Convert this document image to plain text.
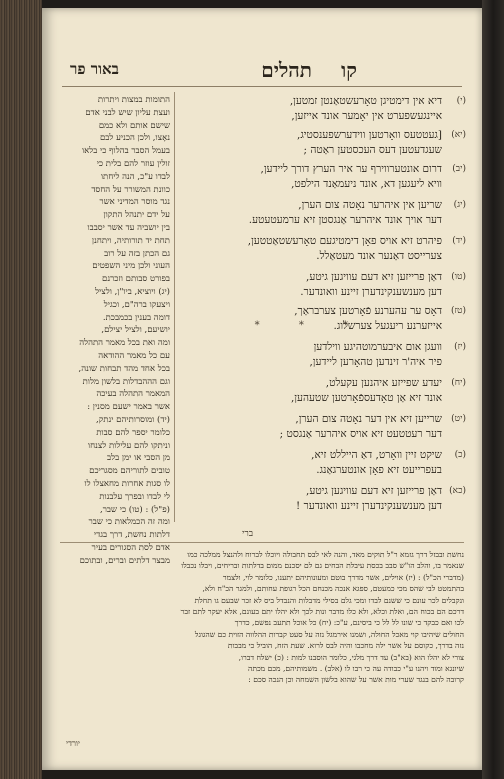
תהלים קו
באור פר
(י)
דיא אין דימטיגן טאָרעשטאַנטן זמטען,
איינגעשפערט אין יאָמער אונד אייזען,
(יא)
[געטטעס וואָרטען ווידערשפענסטיג,
שעגדעטען דעס העכסטען ראַטה ;
(יב)
דרום אונטערווירף ער איר הערץ דורך ליידען,
וויא ליעגען דא, אונד ניעמאַנד הילפט,
(יג)
שריען אין איהרער נאָטה צום הערן,
דער אויך אונד איהרער אַנגסטן זיא ערמעטעטע.
(יד)
פיהרט זיא אויס פאָן דימטיגעם טאָרעשטאַטטען,
צערייסט דאַנער אונד מעטאַלל.
(טו)
דאַן פרייזען זיא דעם עוויגען גיטע,
דען מענשענקינדערן זיינע וואונדער.
(טז)
דאָס ער עהערנע פֿאָרטען צערבראַך,
אייזערנע ריעגעל צערשלוג.
(יז)
וועגן אום איבערמוטהיגע ווילדען
פיר איה'ר זינדען טהאָרען ליידען,
(יח)
יעדע שפייזע איהנען עקעלט,
אונד זיא אַן טאָדעספֿאָרטען שטעהען,
(יט)
שרייען זיא אין דער נאָטה צום הערן,
דער רעטטעט זיא אויס איהרער אַנגסט ;
(כ)
שיקט זיין וואָרט, דאַ הייללט זיא,
בעפרייעט זיא פאָן אונטערגאַנג.
(כא)
דאַן פרייזען זיא דעם עוויגען גיטע,
דען מענשענקינדערן זיינע וואונדער !
* * *
התומות במצות ויתרות
ועצת עליון שיש לבני אדם
שישם אותם ולא כמם
נאָצו, ולכן הכניע לבם
בעמל הסבר בהלוף כי בלאו
זולין עוזר להם בלית כי
לבדו ע"כ, הנה ליחתו
כוונת המשורר על החסד
נגד מוסר המדיני אשר
על ידם יתנהל התקון
בין יושביה עד אשר יסבבו
תחת יד תורותיה, ויתחנן
גם הכתן בזה על רוב
העוני ולכן מיני השפטים
בפורט סבותם וזכרנם
(יג) ויוציא, ביו"ן, ולציל
ויצעקו ברה"ם, וכגיל
דומה בענין בכמבכת.
יושיעם, ולציל יצילם,
ומה ואת בכל מאמר התהלה
עם כל מאמר ההודאה
בכל אחד מהד תבחות שונה,
וגם הההבדלות בלשון מלות
המאמר התהלה בעיכה
אשר באמר ישעם מסנין :
(יד) ומוסרותיהם ינתק,
כלומר יספר להם סבות
וניתקו להם עלילות לצנחו
מן הסבי או ימן בלב
טובים לתוריהם מסגריכם
לו סגות אחרות מחאצלו לו
לי לבדו ובפרך עלבנות
(פ"ל) : (טו) כי שבר,
ומה זה הכמלאות כי שבר
דלתות נחשת, דרך בגדי
אדם לסת הסגורים בעיר
מבצר דלתים וברים, ובתוכם
ברי
נחשת ובבזל דרך גזמא ר"ל תוקים מאד, והנה לאי לבס תחבולה ויוכלו לברוח ולהנצל ממלכה כמו
שנאמר בו, והלב הו"ש סבב בכסת עיבלת הבחים גם לם יסכנם ממום בדלתות ובריחים, ויבלו נכבלו
(מדברי הכ"ל) : (יז) אוילים, אשר מדרך בוטם ומעונותיהם יתענו, כלומר לוי, ולצמר
בהתמטט לבי שהס מכי כמעטם, ספגא אנכה מכנחם הכל רגופת עחותם, ולמגר הכ"ח ולא,
ונקבלים לכר עונם כי ששנם לבדו ומכי גלם בסילי מדבלות והנבדל ביס לא זכר שבעם גו תחלת
דרכם הם בכוח הם, ואלת וכלא, ולא כלו מדבר ונות לכך ולא יהלו יתם בעונם, אלא יעקר לתם זבר
לכו ואם כבקד כי שונו לל לל כי ביסינם, ע"כ: (יח) כל אוכל תתעב נפשם, כדרך
החולים שיהיבו קוי מאכל החולה, ושמנו אירמגל נזה על סעט קברות ההלווה הזוית כם שהגוגל
נזה בדרך, כקוסם על אשר ילה מחכבו והיה לבס לרוא. שעת הזח, הוביל כי מבבות
צורי לא יהלו הוא (בא"ב) עד דרך מלגי, כלומר הוסבנו למות : (כ) ישלח דברו,
שיונגא ומוד ויהנו ע"י כבודה עה כי רבו לו (אלב) . משמותיהם, מכם מכתה
קרובה להם בנגד שערי מות אשר על שהוא בלשון השמחה וכן הנכה סכם :
יורדי
